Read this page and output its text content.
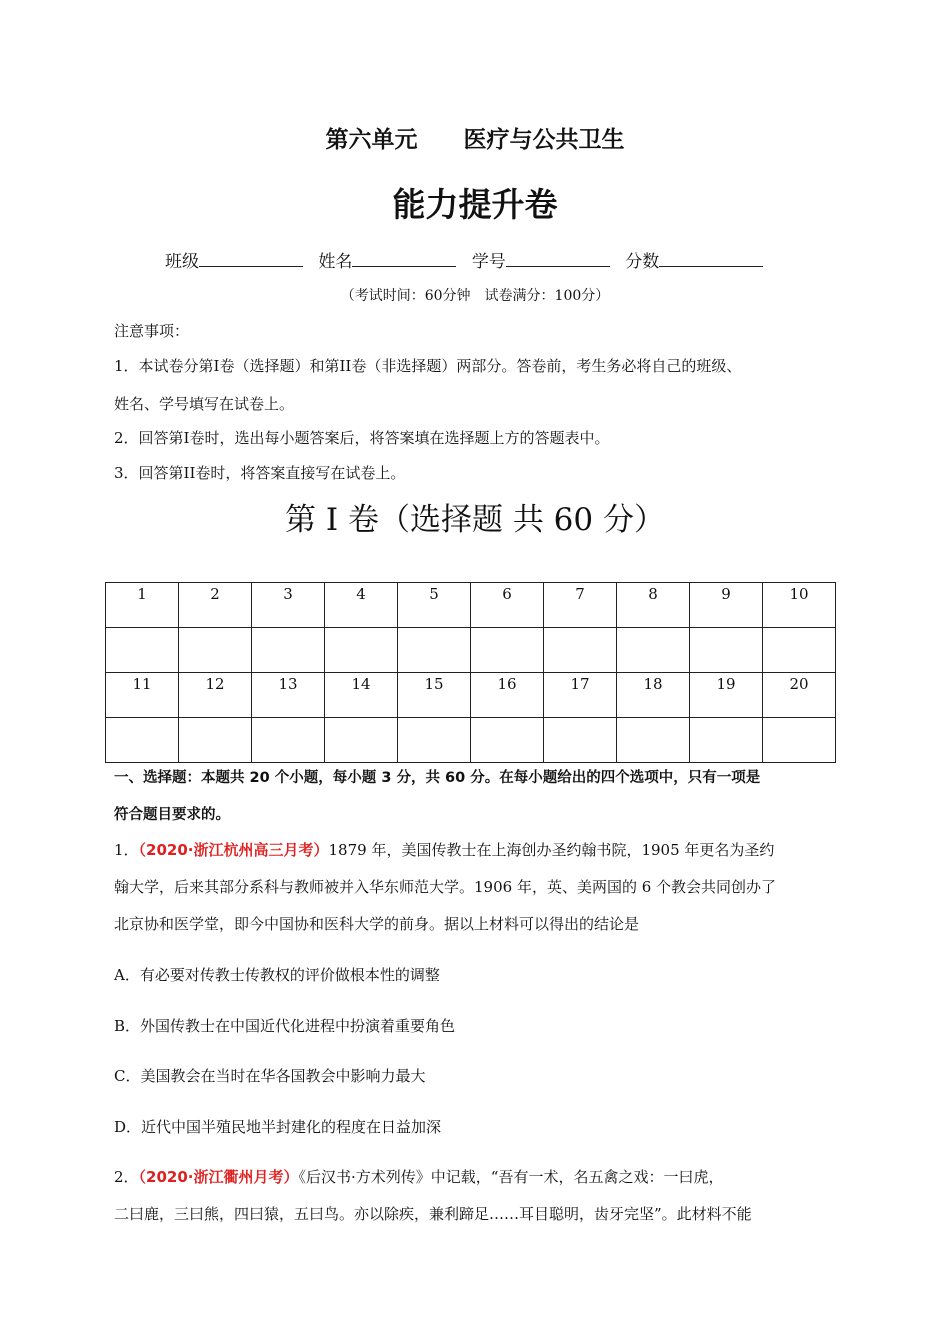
第六单元　　医疗与公共卫生
能力提升卷
班级	姓名	学号	分数
（考试时间：60分钟　试卷满分：100分）
注意事项：
1．本试卷分第I卷（选择题）和第II卷（非选择题）两部分。答卷前，考生务必将自己的班级、
姓名、学号填写在试卷上。
2．回答第I卷时，选出每小题答案后，将答案填在选择题上方的答题表中。
3．回答第II卷时，将答案直接写在试卷上。
第 I 卷（选择题 共 60 分）
1	2	3	4	5	6	7	8	9	10

11	12	13	14	15	16	17	18	19	20

一、选择题：本题共 20 个小题，每小题 3 分，共 60 分。在每小题给出的四个选项中，只有一项是
符合题目要求的。
1．（2020·浙江杭州高三月考）1879 年，美国传教士在上海创办圣约翰书院，1905 年更名为圣约
翰大学，后来其部分系科与教师被并入华东师范大学。1906 年，英、美两国的 6 个教会共同创办了
北京协和医学堂，即今中国协和医科大学的前身。据以上材料可以得出的结论是
A．有必要对传教士传教权的评价做根本性的调整
B．外国传教士在中国近代化进程中扮演着重要角色
C．美国教会在当时在华各国教会中影响力最大
D．近代中国半殖民地半封建化的程度在日益加深
2．（2020·浙江衢州月考）《后汉书·方术列传》中记载，“吾有一术，名五禽之戏：一曰虎，
二曰鹿，三曰熊，四曰猿，五曰鸟。亦以除疾，兼利蹄足……耳目聪明，齿牙完坚”。此材料不能
